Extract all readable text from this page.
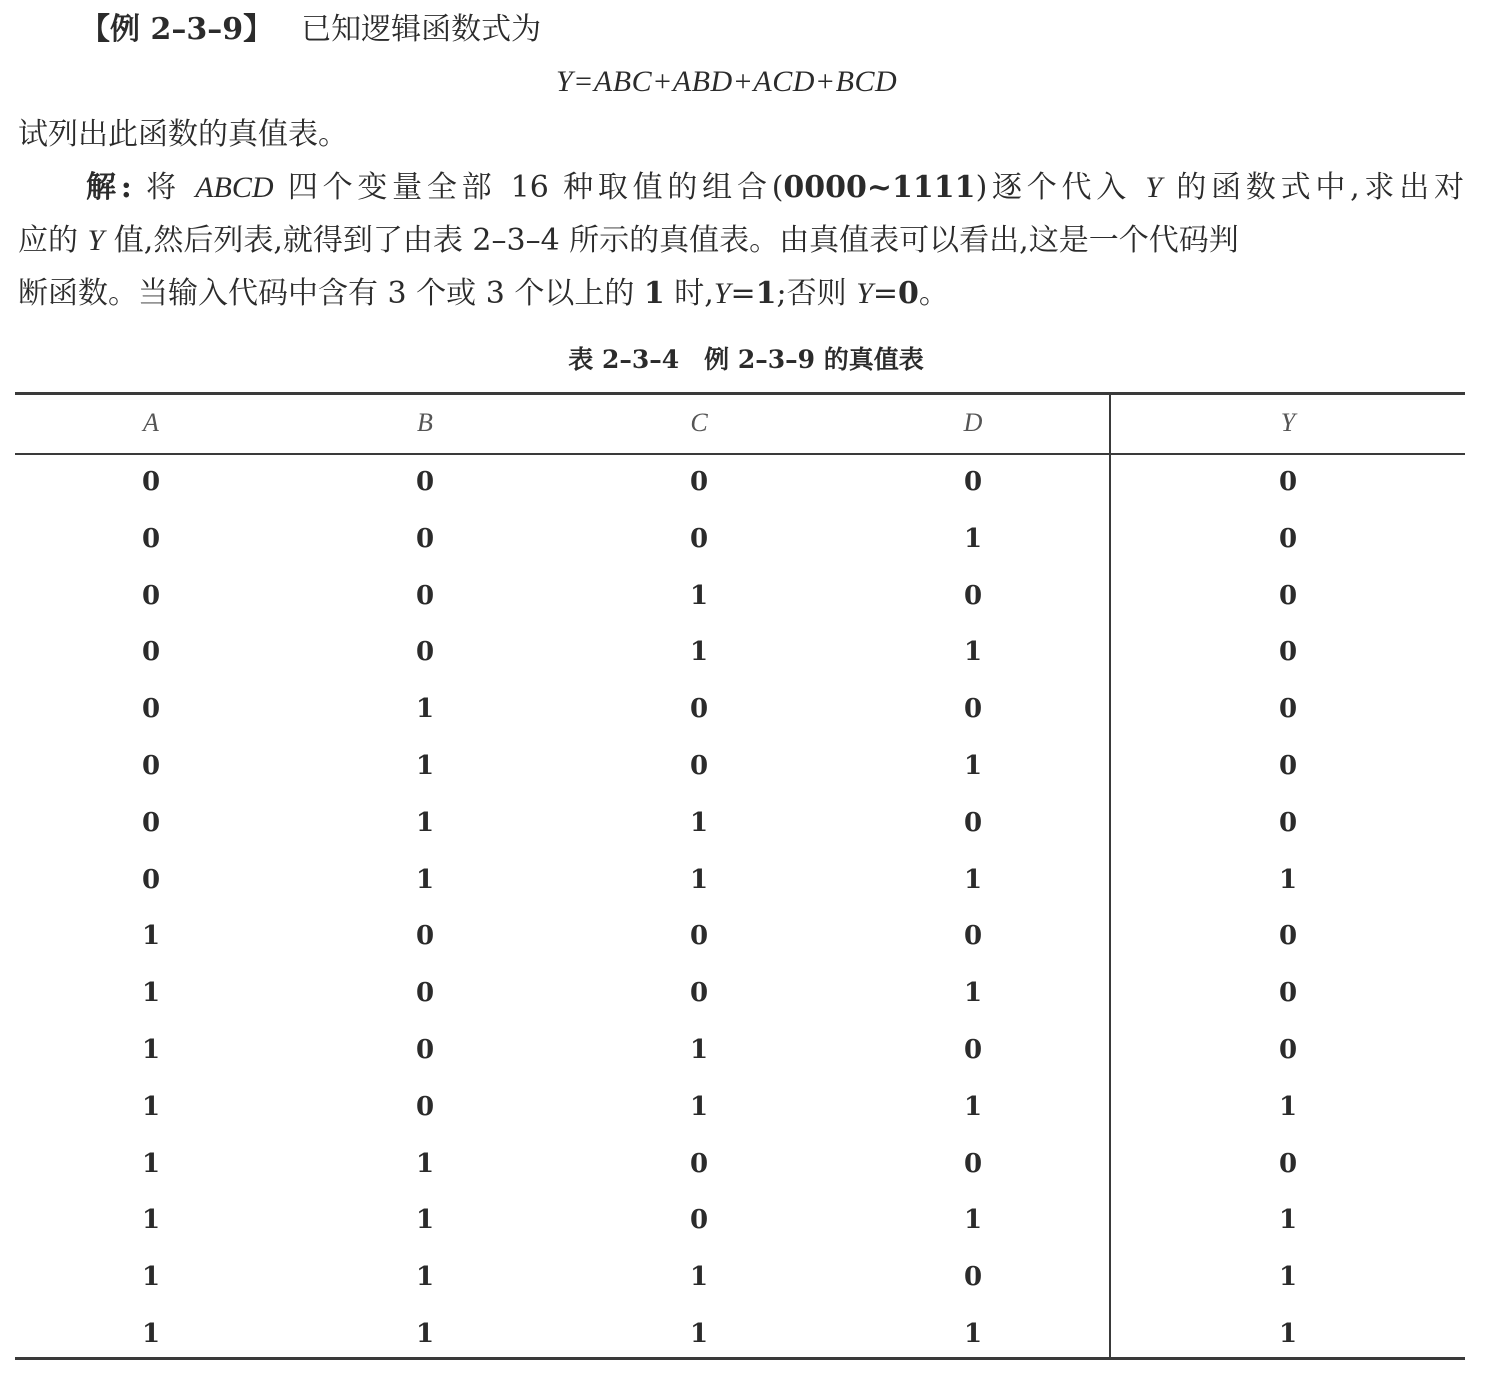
【例 2–3–9】 已知逻辑函数式为
Y=ABC+ABD+ACD+BCD
试列出此函数的真值表。
解: 将 ABCD 四个变量全部 16 种取值的组合(0000~1111)逐个代入 Y 的函数式中,求出对
应的 Y 值,然后列表,就得到了由表 2–3–4 所示的真值表。由真值表可以看出,这是一个代码判
断函数。当输入代码中含有 3 个或 3 个以上的 1 时,Y=1;否则 Y=0。
表 2–3–4　例 2–3–9 的真值表
A	B	C	D	Y
0	0	0	0	0
0	0	0	1	0
0	0	1	0	0
0	0	1	1	0
0	1	0	0	0
0	1	0	1	0
0	1	1	0	0
0	1	1	1	1
1	0	0	0	0
1	0	0	1	0
1	0	1	0	0
1	0	1	1	1
1	1	0	0	0
1	1	0	1	1
1	1	1	0	1
1	1	1	1	1
